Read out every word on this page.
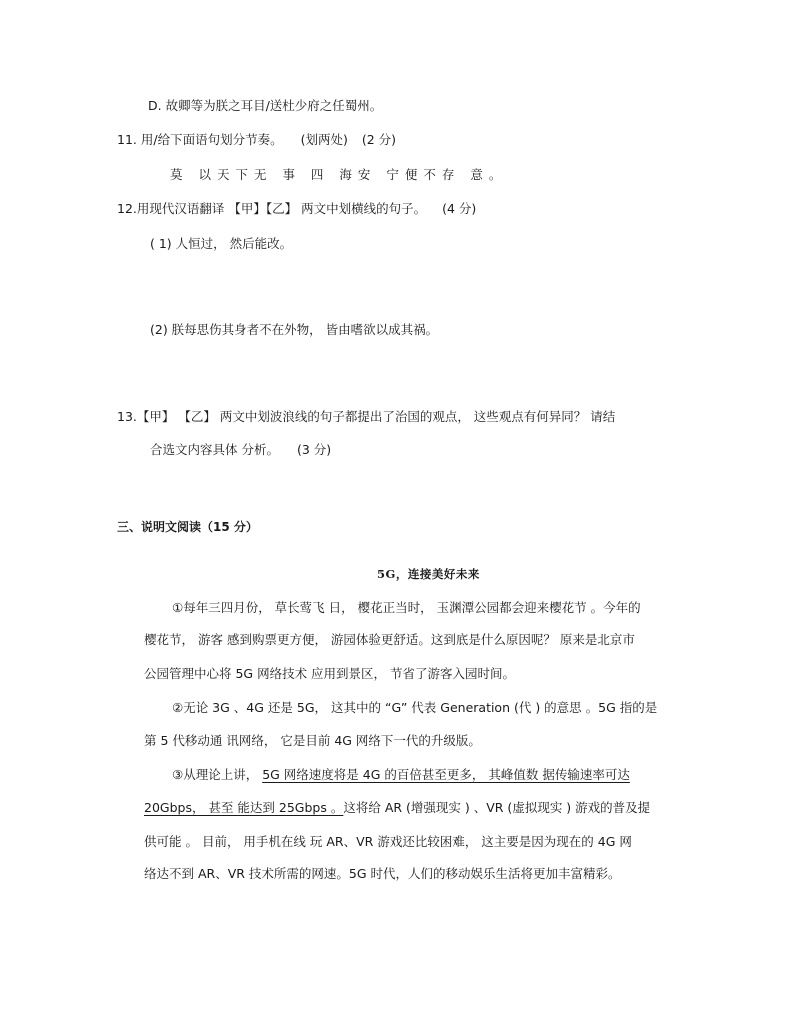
D. 故卿等为朕之耳目/送杜少府之任蜀州。
11. 用/给下面语句划分节奏。 (划两处) (2 分)
莫 以天下无 事 四 海安 宁便不存 意。
12.用现代汉语翻译 【甲】【乙】 两文中划横线的句子。 (4 分)
( 1) 人恒过， 然后能改。
(2) 朕每思伤其身者不在外物， 皆由嗜欲以成其祸。
13.【甲】 【乙】 两文中划波浪线的句子都提出了治国的观点， 这些观点有何异同？ 请结
合选文内容具体 分析。 (3 分)
三、说明文阅读（15 分）
5G，连接美好未来
①每年三四月份， 草长莺飞 日， 樱花正当时， 玉渊潭公园都会迎来樱花节 。今年的
樱花节， 游客 感到购票更方便， 游园体验更舒适。这到底是什么原因呢？ 原来是北京市
公园管理中心将 5G 网络技术 应用到景区， 节省了游客入园时间。
②无论 3G 、4G 还是 5G， 这其中的 “G” 代表 Generation (代 ) 的意思 。5G 指的是
第 5 代移动通 讯网络， 它是目前 4G 网络下一代的升级版。
③从理论上讲， 5G 网络速度将是 4G 的百倍甚至更多， 其峰值数 据传输速率可达
20Gbps， 甚至 能达到 25Gbps 。这将给 AR (增强现实 ) 、VR (虚拟现实 ) 游戏的普及提
供可能 。 目前， 用手机在线 玩 AR、VR 游戏还比较困难， 这主要是因为现在的 4G 网
络达不到 AR、VR 技术所需的网速。5G 时代，人们的移动娱乐生活将更加丰富精彩。
